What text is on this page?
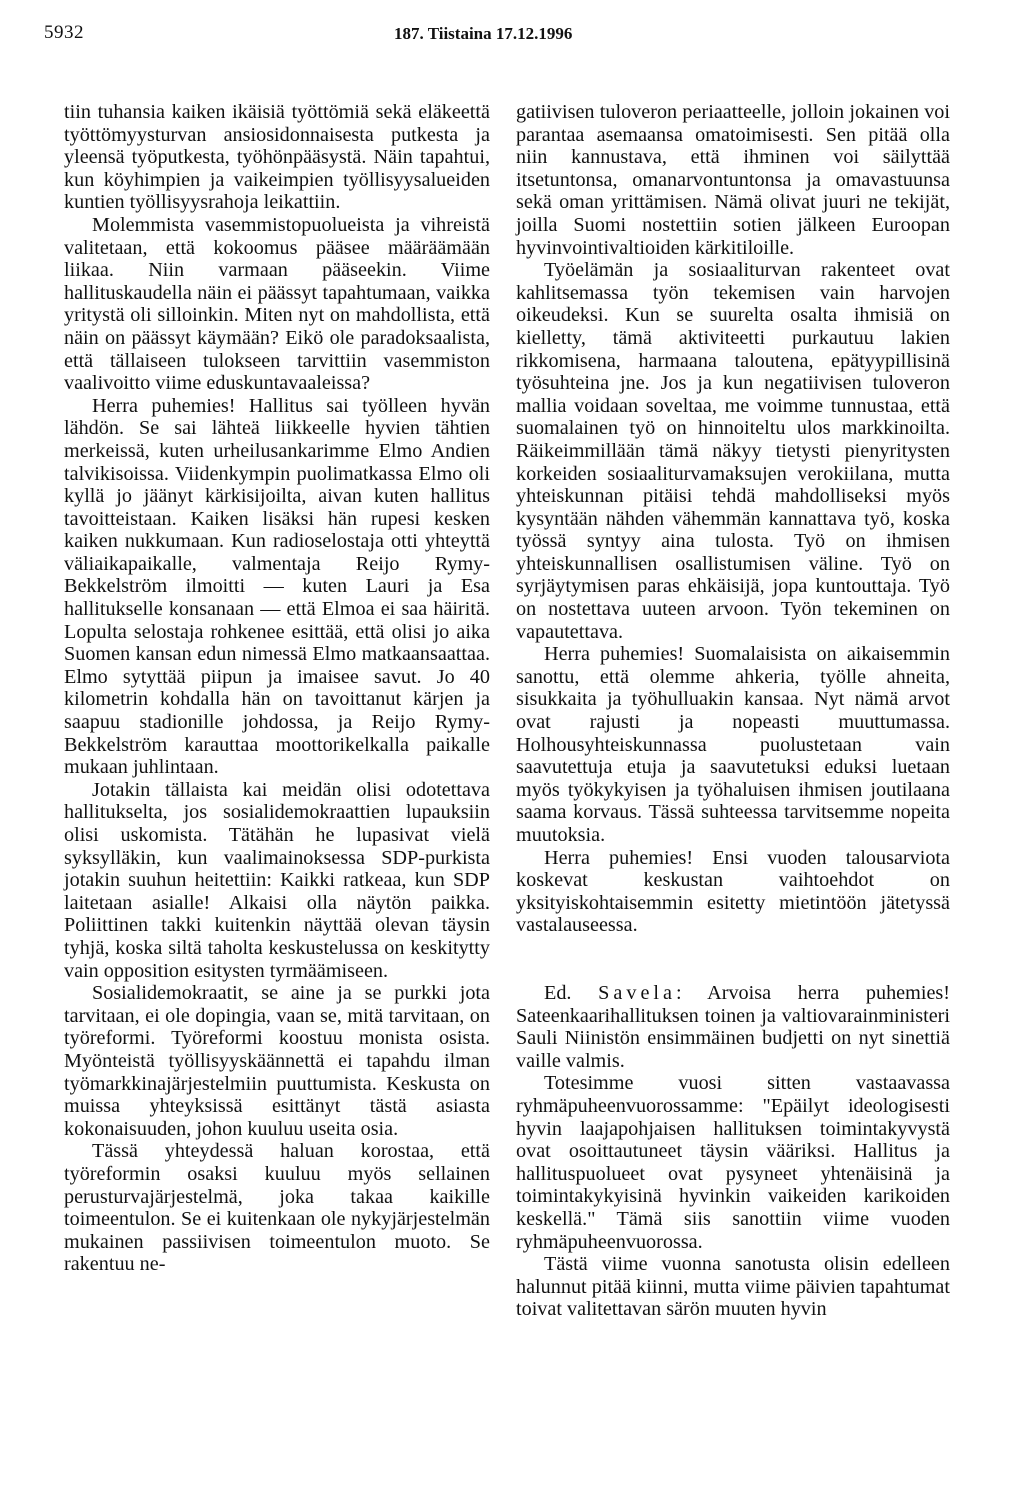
5932	187. Tiistaina 17.12.1996

tiin tuhansia kaiken ikäisiä työttömiä sekä eläkeettä työttömyysturvan ansiosidonnaisesta putkesta ja yleensä työputkesta, työhönpääsystä. Näin tapahtui, kun köyhimpien ja vaikeimpien työllisyysalueiden kuntien työllisyysrahoja leikattiin.

Molemmista vasemmistopuolueista ja vihreistä valitetaan, että kokoomus pääsee määräämään liikaa. Niin varmaan pääseekin. Viime hallituskaudella näin ei päässyt tapahtumaan, vaikka yritystä oli silloinkin. Miten nyt on mahdollista, että näin on päässyt käymään? Eikö ole paradoksaalista, että tällaiseen tulokseen tarvittiin vasemmiston vaalivoitto viime eduskuntavaaleissa?

Herra puhemies! Hallitus sai työlleen hyvän lähdön. Se sai lähteä liikkeelle hyvien tähtien merkeissä, kuten urheilusankarimme Elmo Andien talvikisoissa. Viidenkympin puolimatkassa Elmo oli kyllä jo jäänyt kärkisijoilta, aivan kuten hallitus tavoitteistaan. Kaiken lisäksi hän rupesi kesken kaiken nukkumaan. Kun radioselostaja otti yhteyttä väliaikapaikalle, valmentaja Reijo Rymy-Bekkelström ilmoitti — kuten Lauri ja Esa hallitukselle konsanaan — että Elmoa ei saa häiritä. Lopulta selostaja rohkenee esittää, että olisi jo aika Suomen kansan edun nimessä Elmo matkaansaattaa. Elmo sytyttää piipun ja imaisee savut. Jo 40 kilometrin kohdalla hän on tavoittanut kärjen ja saapuu stadionille johdossa, ja Reijo Rymy-Bekkelström karauttaa moottorikelkalla paikalle mukaan juhlintaan.

Jotakin tällaista kai meidän olisi odotettava hallitukselta, jos sosialidemokraattien lupauksiin olisi uskomista. Tätähän he lupasivat vielä syksylläkin, kun vaalimainoksessa SDP-purkista jotakin suuhun heitettiin: Kaikki ratkeaa, kun SDP laitetaan asialle! Alkaisi olla näytön paikka. Poliittinen takki kuitenkin näyttää olevan täysin tyhjä, koska siltä taholta keskustelussa on keskitytty vain opposition esitysten tyrmäämiseen.

Sosialidemokraatit, se aine ja se purkki jota tarvitaan, ei ole dopingia, vaan se, mitä tarvitaan, on työreformi. Työreformi koostuu monista osista. Myönteistä työllisyyskäännettä ei tapahdu ilman työmarkkinajärjestelmiin puuttumista. Keskusta on muissa yhteyksissä esittänyt tästä asiasta kokonaisuuden, johon kuuluu useita osia.

Tässä yhteydessä haluan korostaa, että työreformin osaksi kuuluu myös sellainen perusturvajärjestelmä, joka takaa kaikille toimeentulon. Se ei kuitenkaan ole nykyjärjestelmän mukainen passiivisen toimeentulon muoto. Se rakentuu ne-

gatiivisen tuloveron periaatteelle, jolloin jokainen voi parantaa asemaansa omatoimisesti. Sen pitää olla niin kannustava, että ihminen voi säilyttää itsetuntonsa, omanarvontuntonsa ja omavastuunsa sekä oman yrittämisen. Nämä olivat juuri ne tekijät, joilla Suomi nostettiin sotien jälkeen Euroopan hyvinvointivaltioiden kärkitiloille.

Työelämän ja sosiaaliturvan rakenteet ovat kahlitsemassa työn tekemisen vain harvojen oikeudeksi. Kun se suurelta osalta ihmisiä on kielletty, tämä aktiviteetti purkautuu lakien rikkomisena, harmaana taloutena, epätyypillisinä työsuhteina jne. Jos ja kun negatiivisen tuloveron mallia voidaan soveltaa, me voimme tunnustaa, että suomalainen työ on hinnoiteltu ulos markkinoilta. Räikeimmillään tämä näkyy tietysti pienyritysten korkeiden sosiaaliturvamaksujen verokiilana, mutta yhteiskunnan pitäisi tehdä mahdolliseksi myös kysyntään nähden vähemmän kannattava työ, koska työssä syntyy aina tulosta. Työ on ihmisen yhteiskunnallisen osallistumisen väline. Työ on syrjäytymisen paras ehkäisijä, jopa kuntouttaja. Työ on nostettava uuteen arvoon. Työn tekeminen on vapautettava.

Herra puhemies! Suomalaisista on aikaisemmin sanottu, että olemme ahkeria, työlle ahneita, sisukkaita ja työhulluakin kansaa. Nyt nämä arvot ovat rajusti ja nopeasti muuttumassa. Holhousyhteiskunnassa puolustetaan vain saavutettuja etuja ja saavutetuksi eduksi luetaan myös työkykyisen ja työhaluisen ihmisen joutilaana saama korvaus. Tässä suhteessa tarvitsemme nopeita muutoksia.

Herra puhemies! Ensi vuoden talousarviota koskevat keskustan vaihtoehdot on yksityiskohtaisemmin esitetty mietintöön jätetyssä vastalauseessa.

Ed. Savela: Arvoisa herra puhemies! Sateenkaarihallituksen toinen ja valtiovarainministeri Sauli Niinistön ensimmäinen budjetti on nyt sinettiä vaille valmis.

Totesimme vuosi sitten vastaavassa ryhmäpuheenvuorossamme: "Epäilyt ideologisesti hyvin laajapohjaisen hallituksen toimintakyvystä ovat osoittautuneet täysin vääriksi. Hallitus ja hallituspuolueet ovat pysyneet yhtenäisinä ja toimintakykyisinä hyvinkin vaikeiden karikoiden keskellä." Tämä siis sanottiin viime vuoden ryhmäpuheenvuorossa.

Tästä viime vuonna sanotusta olisin edelleen halunnut pitää kiinni, mutta viime päivien tapahtumat toivat valitettavan särön muuten hyvin
